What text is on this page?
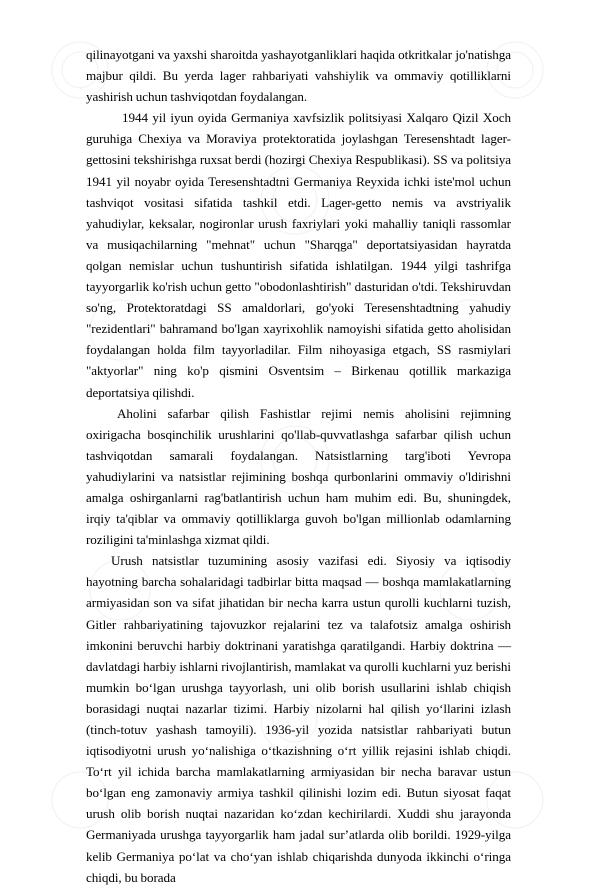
qilinayotgani va yaxshi sharoitda yashayotganliklari haqida otkritkalar jo'natishga majbur qildi. Bu yerda lager rahbariyati vahshiylik va ommaviy qotilliklarni yashirish uchun tashviqotdan foydalangan.

1944 yil iyun oyida Germaniya xavfsizlik politsiyasi Xalqaro Qizil Xoch guruhiga Chexiya va Moraviya protektoratida joylashgan Teresenshtadt lager-gettosini tekshirishga ruxsat berdi (hozirgi Chexiya Respublikasi). SS va politsiya 1941 yil noyabr oyida Teresenshtadtni Germaniya Reyxida ichki iste'mol uchun tashviqot vositasi sifatida tashkil etdi. Lager-getto nemis va avstriyalik yahudiylar, keksalar, nogironlar urush faxriylari yoki mahalliy taniqli rassomlar va musiqachilarning "mehnat" uchun "Sharqga" deportatsiyasidan hayratda qolgan nemislar uchun tushuntirish sifatida ishlatilgan. 1944 yilgi tashrifga tayyorgarlik ko'rish uchun getto "obodonlashtirish" dasturidan o'tdi. Tekshiruvdan so'ng, Protektoratdagi SS amaldorlari, go'yoki Teresenshtadtning yahudiy "rezidentlari" bahramand bo'lgan xayrixohlik namoyishi sifatida getto aholisidan foydalangan holda film tayyorladilar. Film nihoyasiga etgach, SS rasmiylari "aktyorlar" ning ko'p qismini Osventsim – Birkenau qotillik markaziga deportatsiya qilishdi.

Aholini safarbar qilish Fashistlar rejimi nemis aholisini rejimning oxirigacha bosqinchilik urushlarini qo'llab-quvvatlashga safarbar qilish uchun tashviqotdan samarali foydalangan. Natsistlarning targ'iboti Yevropa yahudiylarini va natsistlar rejimining boshqa qurbonlarini ommaviy o'ldirishni amalga oshirganlarni rag'batlantirish uchun ham muhim edi. Bu, shuningdek, irqiy ta'qiblar va ommaviy qotilliklarga guvoh bo'lgan millionlab odamlarning roziligini ta'minlashga xizmat qildi.

Urush natsistlar tuzumining asosiy vazifasi edi. Siyosiy va iqtisodiy hayotning barcha sohalaridagi tadbirlar bitta maqsad — boshqa mamlakatlarning armiyasidan son va sifat jihatidan bir necha karra ustun qurolli kuchlarni tuzish, Gitler rahbariyatining tajovuzkor rejalarini tez va talafotsiz amalga oshirish imkonini beruvchi harbiy doktrinani yaratishga qaratilgandi. Harbiy doktrina — davlatdagi harbiy ishlarni rivojlantirish, mamlakat va qurolli kuchlarni yuz berishi mumkin boʻlgan urushga tayyorlash, uni olib borish usullarini ishlab chiqish borasidagi nuqtai nazarlar tizimi. Harbiy nizolarni hal qilish yoʻllarini izlash (tinch-totuv yashash tamoyili). 1936-yil yozida natsistlar rahbariyati butun iqtisodiyotni urush yoʻnalishiga oʻtkazishning oʻrt yillik rejasini ishlab chiqdi. Toʻrt yil ichida barcha mamlakatlarning armiyasidan bir necha baravar ustun boʻlgan eng zamonaviy armiya tashkil qilinishi lozim edi. Butun siyosat faqat urush olib borish nuqtai nazaridan koʻzdan kechirilardi. Xuddi shu jarayonda Germaniyada urushga tayyorgarlik ham jadal surʼatlarda olib borildi. 1929-yilga kelib Germaniya poʻlat va choʻyan ishlab chiqarishda dunyoda ikkinchi oʻringa chiqdi, bu borada
